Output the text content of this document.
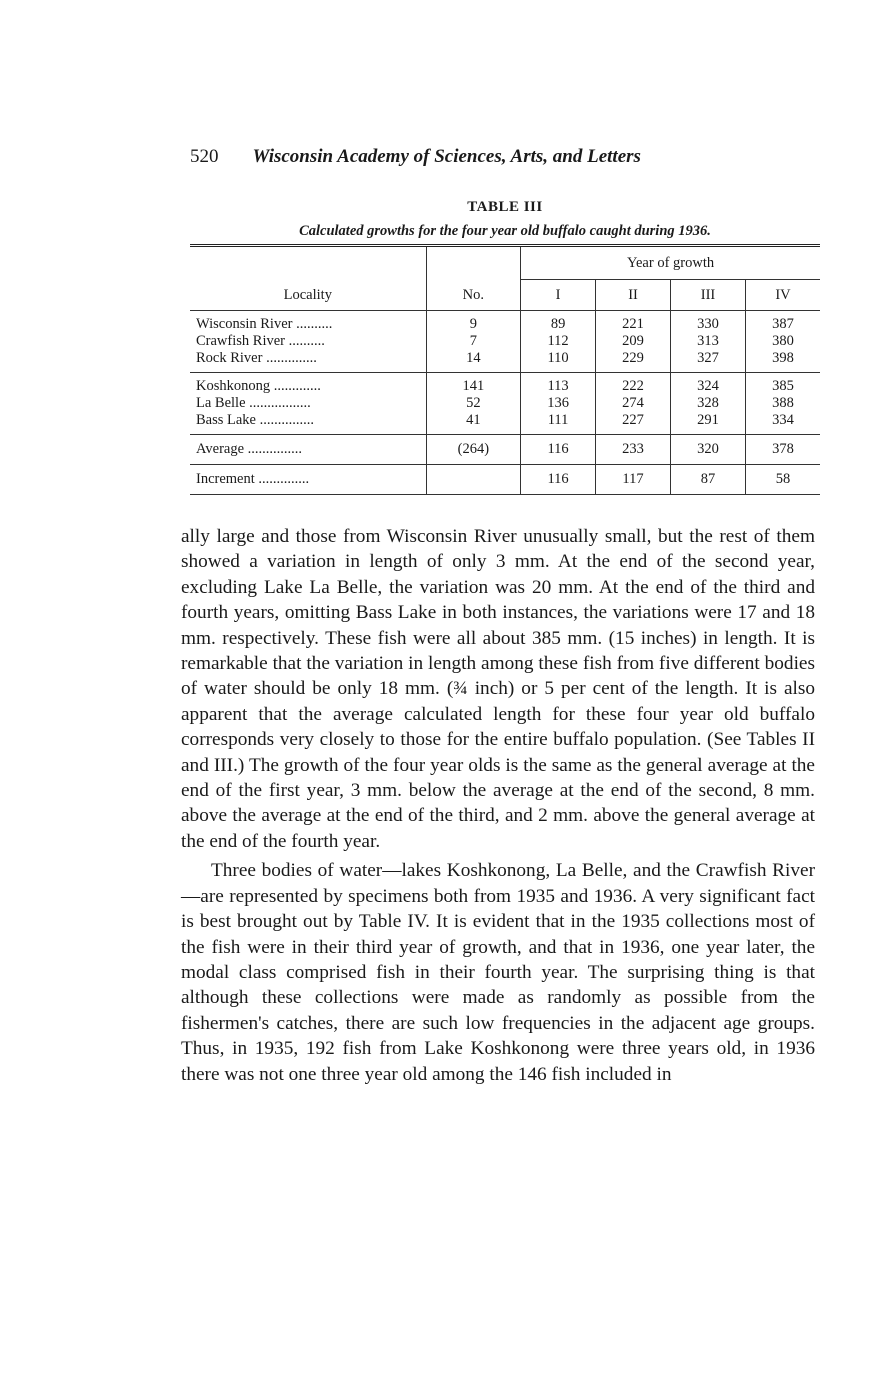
520 Wisconsin Academy of Sciences, Arts, and Letters
TABLE III
Calculated growths for the four year old buffalo caught during 1936.
Locality	No.	Year of growth			
		I	II	III	IV
Wisconsin River ..........	9	89	221	330	387
Crawfish River ..........	7	112	209	313	380
Rock River ..............	14	110	229	327	398
Koshkonong .............	141	113	222	324	385
La Belle .................	52	136	274	328	388
Bass Lake ...............	41	111	227	291	334
Average ...............	(264)	116	233	320	378
Increment ..............		116	117	87	58

ally large and those from Wisconsin River unusually small, but the rest of them showed a variation in length of only 3 mm. At the end of the second year, excluding Lake La Belle, the variation was 20 mm. At the end of the third and fourth years, omitting Bass Lake in both instances, the variations were 17 and 18 mm. respectively. These fish were all about 385 mm. (15 inches) in length. It is remarkable that the variation in length among these fish from five different bodies of water should be only 18 mm. (¾ inch) or 5 per cent of the length. It is also apparent that the average calculated length for these four year old buffalo corresponds very closely to those for the entire buffalo population. (See Tables II and III.) The growth of the four year olds is the same as the general average at the end of the first year, 3 mm. below the average at the end of the second, 8 mm. above the average at the end of the third, and 2 mm. above the general average at the end of the fourth year.

Three bodies of water—lakes Koshkonong, La Belle, and the Crawfish River—are represented by specimens both from 1935 and 1936. A very significant fact is best brought out by Table IV. It is evident that in the 1935 collections most of the fish were in their third year of growth, and that in 1936, one year later, the modal class comprised fish in their fourth year. The surprising thing is that although these collections were made as randomly as possible from the fishermen's catches, there are such low frequencies in the adjacent age groups. Thus, in 1935, 192 fish from Lake Koshkonong were three years old, in 1936 there was not one three year old among the 146 fish included in
